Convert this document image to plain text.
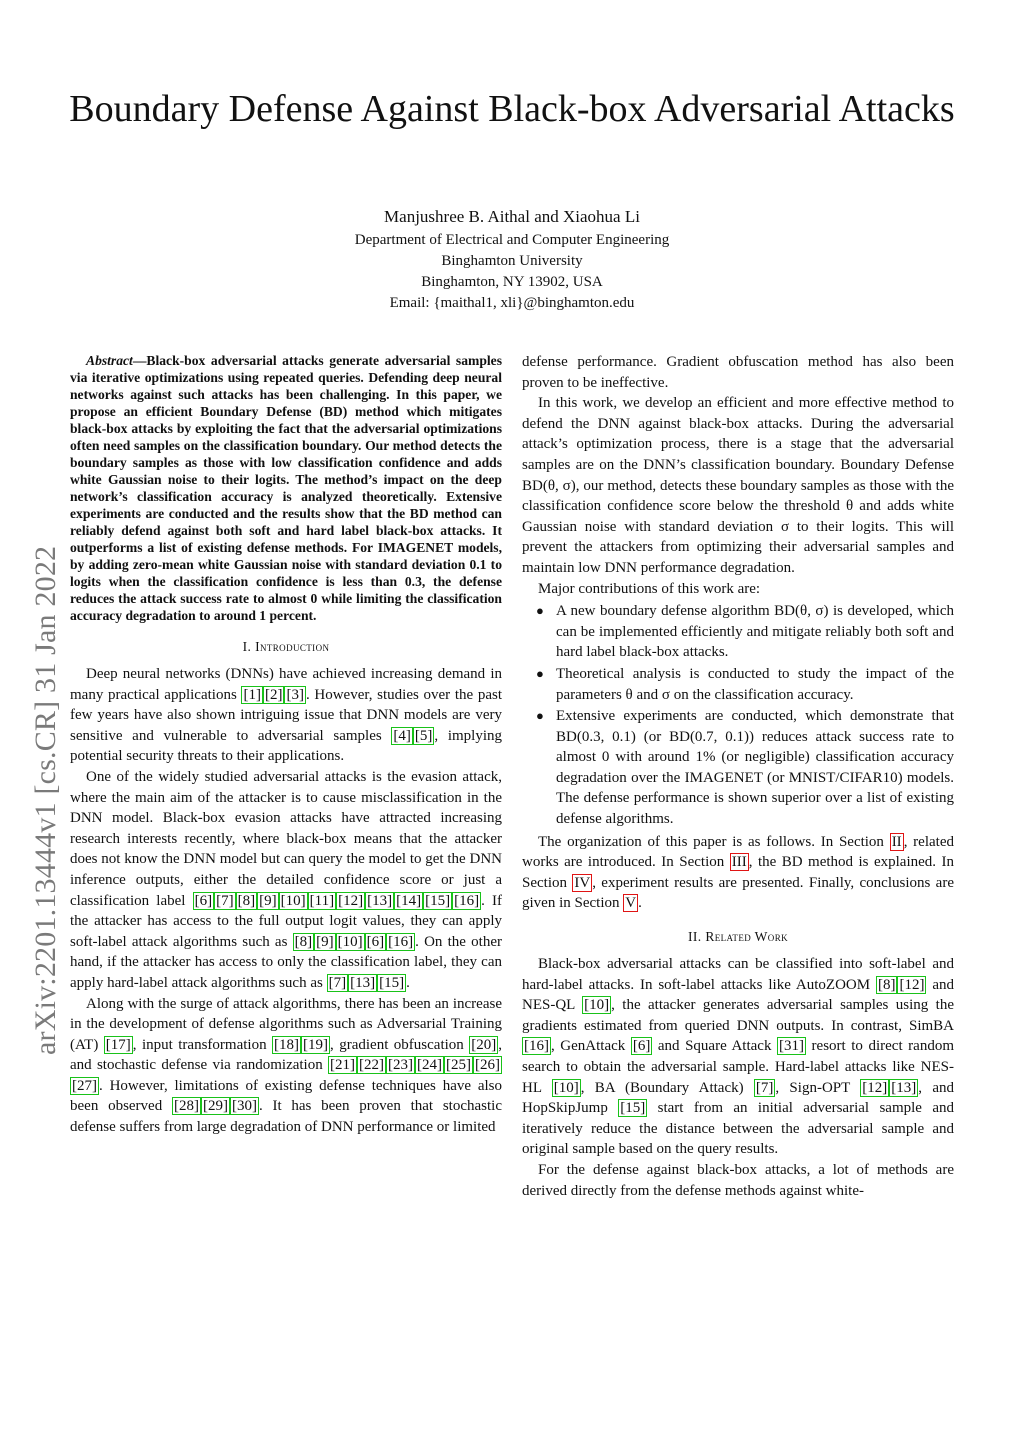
Boundary Defense Against Black-box Adversarial Attacks
Manjushree B. Aithal and Xiaohua Li
Department of Electrical and Computer Engineering
Binghamton University
Binghamton, NY 13902, USA
Email: {maithal1, xli}@binghamton.edu
arXiv:2201.13444v1 [cs.CR] 31 Jan 2022

Abstract—Black-box adversarial attacks generate adversarial samples via iterative optimizations using repeated queries. Defending deep neural networks against such attacks has been challenging. In this paper, we propose an efficient Boundary Defense (BD) method which mitigates black-box attacks by exploiting the fact that the adversarial optimizations often need samples on the classification boundary. Our method detects the boundary samples as those with low classification confidence and adds white Gaussian noise to their logits. The method’s impact on the deep network’s classification accuracy is analyzed theoretically. Extensive experiments are conducted and the results show that the BD method can reliably defend against both soft and hard label black-box attacks. It outperforms a list of existing defense methods. For IMAGENET models, by adding zero-mean white Gaussian noise with standard deviation 0.1 to logits when the classification confidence is less than 0.3, the defense reduces the attack success rate to almost 0 while limiting the classification accuracy degradation to around 1 percent.

I. Introduction

Deep neural networks (DNNs) have achieved increasing demand in many practical applications [1] [2] [3] . However, studies over the past few years have also shown intriguing issue that DNN models are very sensitive and vulnerable to adversarial samples [4] [5] , implying potential security threats to their applications.

One of the widely studied adversarial attacks is the evasion attack, where the main aim of the attacker is to cause misclassification in the DNN model. Black-box evasion attacks have attracted increasing research interests recently, where black-box means that the attacker does not know the DNN model but can query the model to get the DNN inference outputs, either the detailed confidence score or just a classification label [6] [7] [8] [9] [10] [11] [12] [13] [14] [15] [16] . If the attacker has access to the full output logit values, they can apply soft-label attack algorithms such as [8] [9] [10] [6] [16] . On the other hand, if the attacker has access to only the classification label, they can apply hard-label attack algorithms such as [7] [13] [15] .

Along with the surge of attack algorithms, there has been an increase in the development of defense algorithms such as Adversarial Training (AT) [17] , input transformation [18] [19] , gradient obfuscation [20] , and stochastic defense via randomization [21] [22] [23] [24] [25] [26][27] . However, limitations of existing defense techniques have also been observed [28] [29] [30] . It has been proven that stochastic defense suffers from large degradation of DNN performance or limited

defense performance. Gradient obfuscation method has also been proven to be ineffective.

In this work, we develop an efficient and more effective method to defend the DNN against black-box attacks. During the adversarial attack’s optimization process, there is a stage that the adversarial samples are on the DNN’s classification boundary. Boundary Defense BD(θ, σ), our method, detects these boundary samples as those with the classification confidence score below the threshold θ and adds white Gaussian noise with standard deviation σ to their logits. This will prevent the attackers from optimizing their adversarial samples and maintain low DNN performance degradation.

Major contributions of this work are:

● A new boundary defense algorithm BD(θ, σ) is developed, which can be implemented efficiently and mitigate reliably both soft and hard label black-box attacks.
● Theoretical analysis is conducted to study the impact of the parameters θ and σ on the classification accuracy.
● Extensive experiments are conducted, which demonstrate that BD(0.3, 0.1) (or BD(0.7, 0.1)) reduces attack success rate to almost 0 with around 1% (or negligible) classification accuracy degradation over the IMAGENET (or MNIST/CIFAR10) models. The defense performance is shown superior over a list of existing defense algorithms.

The organization of this paper is as follows. In Section II , related works are introduced. In Section III , the BD method is explained. In Section IV , experiment results are presented. Finally, conclusions are given in Section V .

II. Related Work

Black-box adversarial attacks can be classified into soft-label and hard-label attacks. In soft-label attacks like AutoZOOM [8] [12] and NES-QL [10] , the attacker generates adversarial samples using the gradients estimated from queried DNN outputs. In contrast, SimBA [16] , GenAttack [6] and Square Attack [31] resort to direct random search to obtain the adversarial sample. Hard-label attacks like NES-HL [10] , BA (Boundary Attack) [7] , Sign-OPT [12] [13] , and HopSkipJump [15] start from an initial adversarial sample and iteratively reduce the distance between the adversarial sample and original sample based on the query results.

For the defense against black-box attacks, a lot of methods are derived directly from the defense methods against white-
